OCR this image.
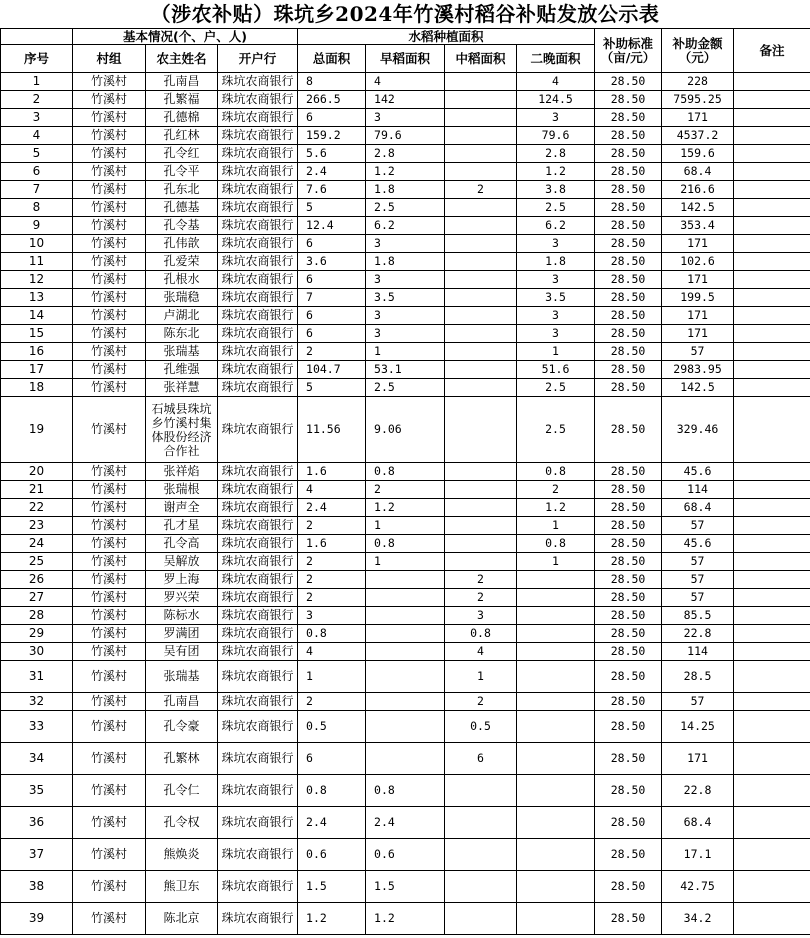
（涉农补贴）珠坑乡2024年竹溪村稻谷补贴发放公示表
	基本情况(个、户、人)			水稻种植面积				补助标准（亩/元）	补助金额（元）	备注
序号	村组	农主姓名	开户行	总面积	早稻面积	中稻面积	二晚面积			
1	竹溪村	孔南昌	珠坑农商银行	8	4		4	28.50	228	
2	竹溪村	孔繁福	珠坑农商银行	266.5	142		124.5	28.50	7595.25	
3	竹溪村	孔德棉	珠坑农商银行	6	3		3	28.50	171	
4	竹溪村	孔红林	珠坑农商银行	159.2	79.6		79.6	28.50	4537.2	
5	竹溪村	孔令红	珠坑农商银行	5.6	2.8		2.8	28.50	159.6	
6	竹溪村	孔令平	珠坑农商银行	2.4	1.2		1.2	28.50	68.4	
7	竹溪村	孔东北	珠坑农商银行	7.6	1.8	2	3.8	28.50	216.6	
8	竹溪村	孔德基	珠坑农商银行	5	2.5		2.5	28.50	142.5	
9	竹溪村	孔令基	珠坑农商银行	12.4	6.2		6.2	28.50	353.4	
10	竹溪村	孔伟歆	珠坑农商银行	6	3		3	28.50	171	
11	竹溪村	孔爱荣	珠坑农商银行	3.6	1.8		1.8	28.50	102.6	
12	竹溪村	孔根水	珠坑农商银行	6	3		3	28.50	171	
13	竹溪村	张瑞稳	珠坑农商银行	7	3.5		3.5	28.50	199.5	
14	竹溪村	卢湖北	珠坑农商银行	6	3		3	28.50	171	
15	竹溪村	陈东北	珠坑农商银行	6	3		3	28.50	171	
16	竹溪村	张瑞基	珠坑农商银行	2	1		1	28.50	57	
17	竹溪村	孔维强	珠坑农商银行	104.7	53.1		51.6	28.50	2983.95	
18	竹溪村	张祥慧	珠坑农商银行	5	2.5		2.5	28.50	142.5	
19	竹溪村	石城县珠坑乡竹溪村集体股份经济合作社	珠坑农商银行	11.56	9.06		2.5	28.50	329.46	
20	竹溪村	张祥焰	珠坑农商银行	1.6	0.8		0.8	28.50	45.6	
21	竹溪村	张瑞根	珠坑农商银行	4	2		2	28.50	114	
22	竹溪村	谢声全	珠坑农商银行	2.4	1.2		1.2	28.50	68.4	
23	竹溪村	孔才星	珠坑农商银行	2	1		1	28.50	57	
24	竹溪村	孔令高	珠坑农商银行	1.6	0.8		0.8	28.50	45.6	
25	竹溪村	吴解放	珠坑农商银行	2	1		1	28.50	57	
26	竹溪村	罗上海	珠坑农商银行	2		2		28.50	57	
27	竹溪村	罗兴荣	珠坑农商银行	2		2		28.50	57	
28	竹溪村	陈标水	珠坑农商银行	3		3		28.50	85.5	
29	竹溪村	罗满团	珠坑农商银行	0.8		0.8		28.50	22.8	
30	竹溪村	吴有团	珠坑农商银行	4		4		28.50	114	
31	竹溪村	张瑞基	珠坑农商银行	1		1		28.50	28.5	
32	竹溪村	孔南昌	珠坑农商银行	2		2		28.50	57	
33	竹溪村	孔令豪	珠坑农商银行	0.5		0.5		28.50	14.25	
34	竹溪村	孔繁林	珠坑农商银行	6		6		28.50	171	
35	竹溪村	孔令仁	珠坑农商银行	0.8	0.8			28.50	22.8	
36	竹溪村	孔令权	珠坑农商银行	2.4	2.4			28.50	68.4	
37	竹溪村	熊焕炎	珠坑农商银行	0.6	0.6			28.50	17.1	
38	竹溪村	熊卫东	珠坑农商银行	1.5	1.5			28.50	42.75	
39	竹溪村	陈北京	珠坑农商银行	1.2	1.2			28.50	34.2	
